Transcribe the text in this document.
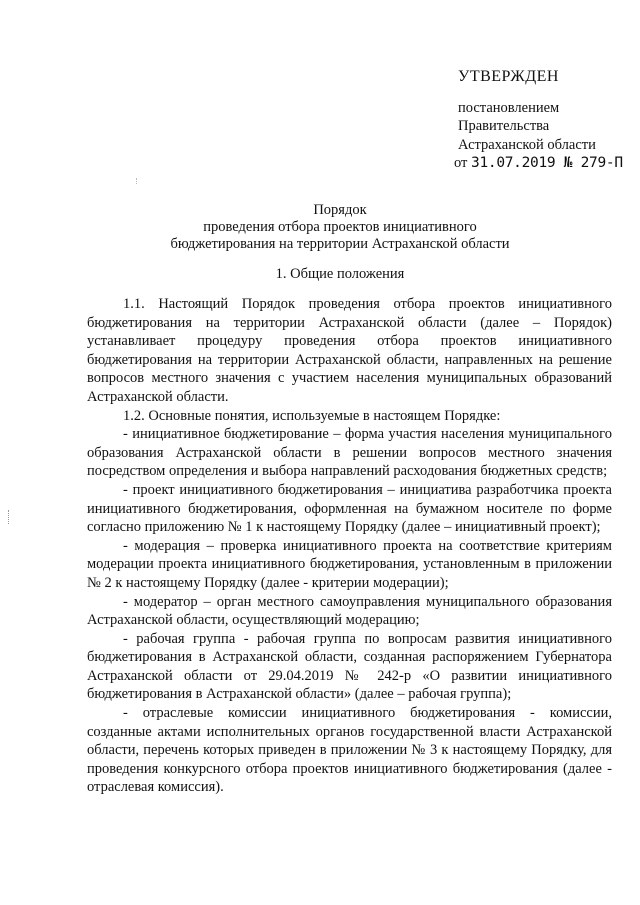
УТВЕРЖДЕН
постановлением
Правительства
Астраханской области
от 31.07.2019 № 279-П
Порядок
проведения отбора проектов инициативного
бюджетирования на территории Астраханской области
1. Общие положения

1.1. Настоящий Порядок проведения отбора проектов инициативного бюджетирования на территории Астраханской области (далее – Порядок) устанавливает процедуру проведения отбора проектов инициативного бюджетирования на территории Астраханской области, направленных на решение вопросов местного значения с участием населения муниципальных образований Астраханской области.

1.2. Основные понятия, используемые в настоящем Порядке:

- инициативное бюджетирование – форма участия населения муниципального образования Астраханской области в решении вопросов местного значения посредством определения и выбора направлений расходования бюджетных средств;

- проект инициативного бюджетирования – инициатива разработчика проекта инициативного бюджетирования, оформленная на бумажном носителе по форме согласно приложению № 1 к настоящему Порядку (далее – инициативный проект);

- модерация – проверка инициативного проекта на соответствие критериям модерации проекта инициативного бюджетирования, установленным в приложении № 2 к настоящему Порядку (далее - критерии модерации);

- модератор – орган местного самоуправления муниципального образования Астраханской области, осуществляющий модерацию;

- рабочая группа - рабочая группа по вопросам развития инициативного бюджетирования в Астраханской области, созданная распоряжением Губернатора Астраханской области от 29.04.2019 № 242-р «О развитии инициативного бюджетирования в Астраханской области» (далее – рабочая группа);

- отраслевые комиссии инициативного бюджетирования - комиссии, созданные актами исполнительных органов государственной власти Астраханской области, перечень которых приведен в приложении № 3 к настоящему Порядку, для проведения конкурсного отбора проектов инициативного бюджетирования (далее - отраслевая комиссия).
